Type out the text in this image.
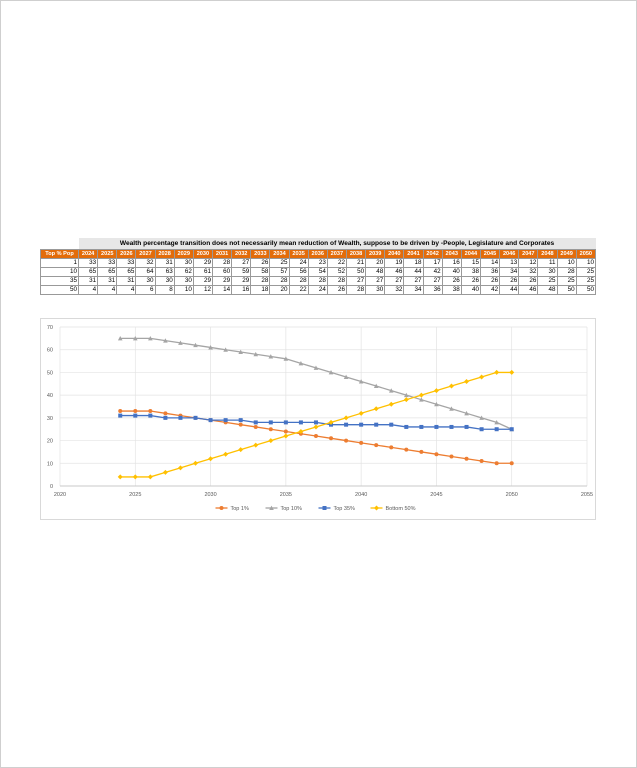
	Wealth percentage transition does not necessarily mean reduction of Wealth, suppose to be driven by -People, Legislature and Corporates																										
Top % Pop	2024	2025	2026	2027	2028	2029	2030	2031	2032	2033	2034	2035	2036	2037	2038	2039	2040	2041	2042	2043	2044	2045	2046	2047	2048	2049	2050
1	33	33	33	32	31	30	29	28	27	26	25	24	23	22	21	20	19	18	17	16	15	14	13	12	11	10	10
10	65	65	65	64	63	62	61	60	59	58	57	56	54	52	50	48	46	44	42	40	38	36	34	32	30	28	25
35	31	31	31	30	30	30	29	29	29	28	28	28	28	28	27	27	27	27	27	26	26	26	26	26	25	25	25
50	4	4	4	6	8	10	12	14	16	18	20	22	24	26	28	30	32	34	36	38	40	42	44	46	48	50	50
0
10
20
30
40
50
60
70
2020	2025	2030	2035	2040	2045	2050	2055
Top 1%	Top 10%	Top 35%	Bottom 50%
